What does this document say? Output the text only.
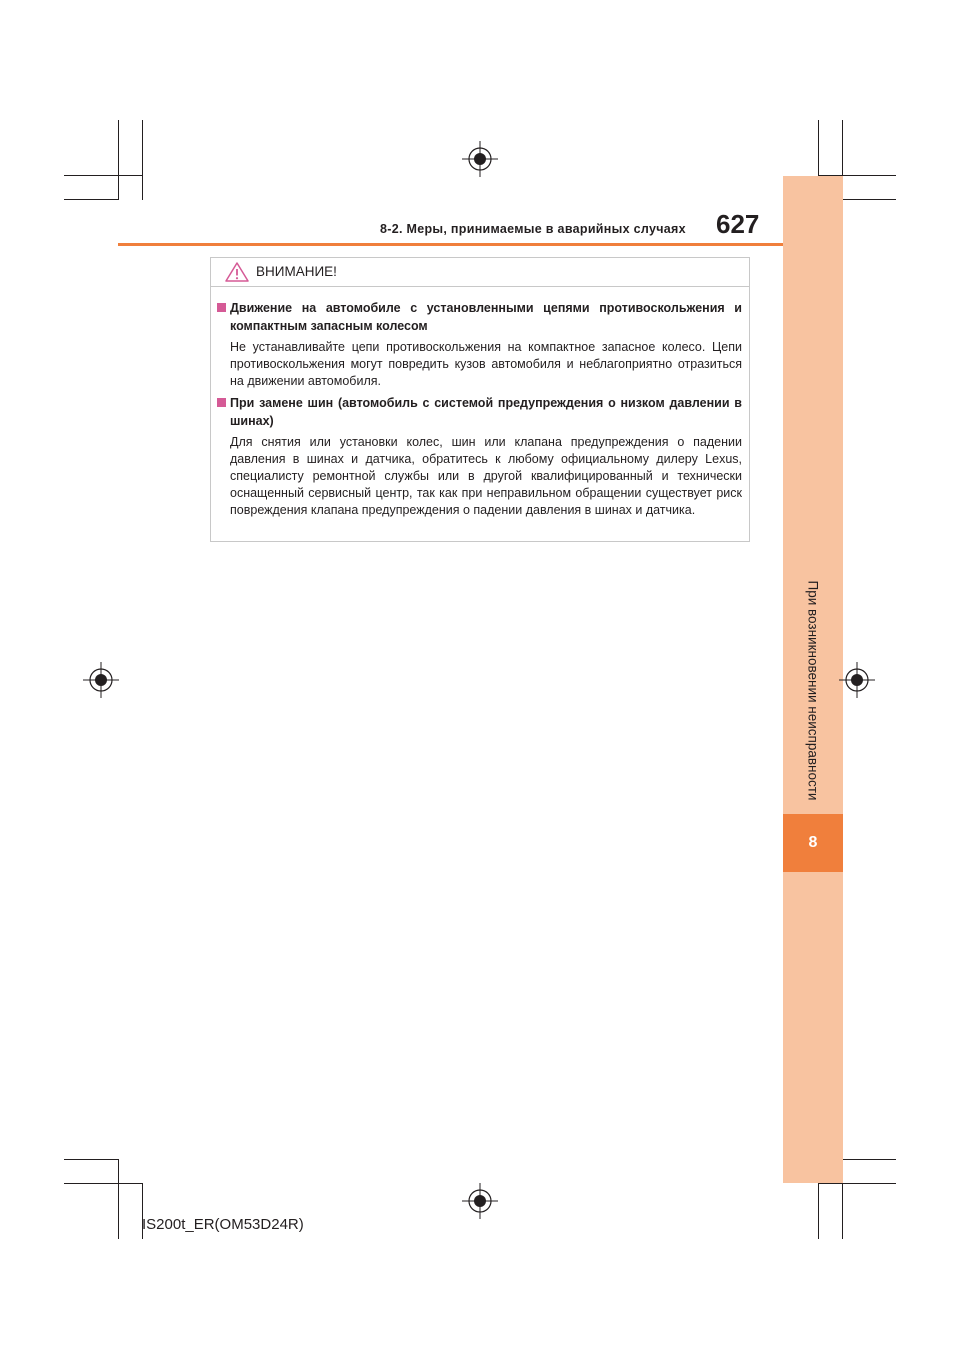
При возникновении неисправности
8
8-2. Меры, принимаемые в аварийных случаях 627
ВНИМАНИЕ!
Движение на автомобиле с установленными цепями противоскольжения и компактным запасным колесом
Не устанавливайте цепи противоскольжения на компактное запасное колесо. Цепи противоскольжения могут повредить кузов автомобиля и неблагоприятно отразиться на движении автомобиля.
При замене шин (автомобиль с системой предупреждения о низком давлении в шинах)
Для снятия или установки колес, шин или клапана предупреждения о падении давления в шинах и датчика, обратитесь к любому официальному дилеру Lexus, специалисту ремонтной службы или в другой квалифицированный и технически оснащенный сервисный центр, так как при неправильном обращении существует риск повреждения клапана предупреждения о падении давления в шинах и датчика.
IS200t_ER(OM53D24R)
